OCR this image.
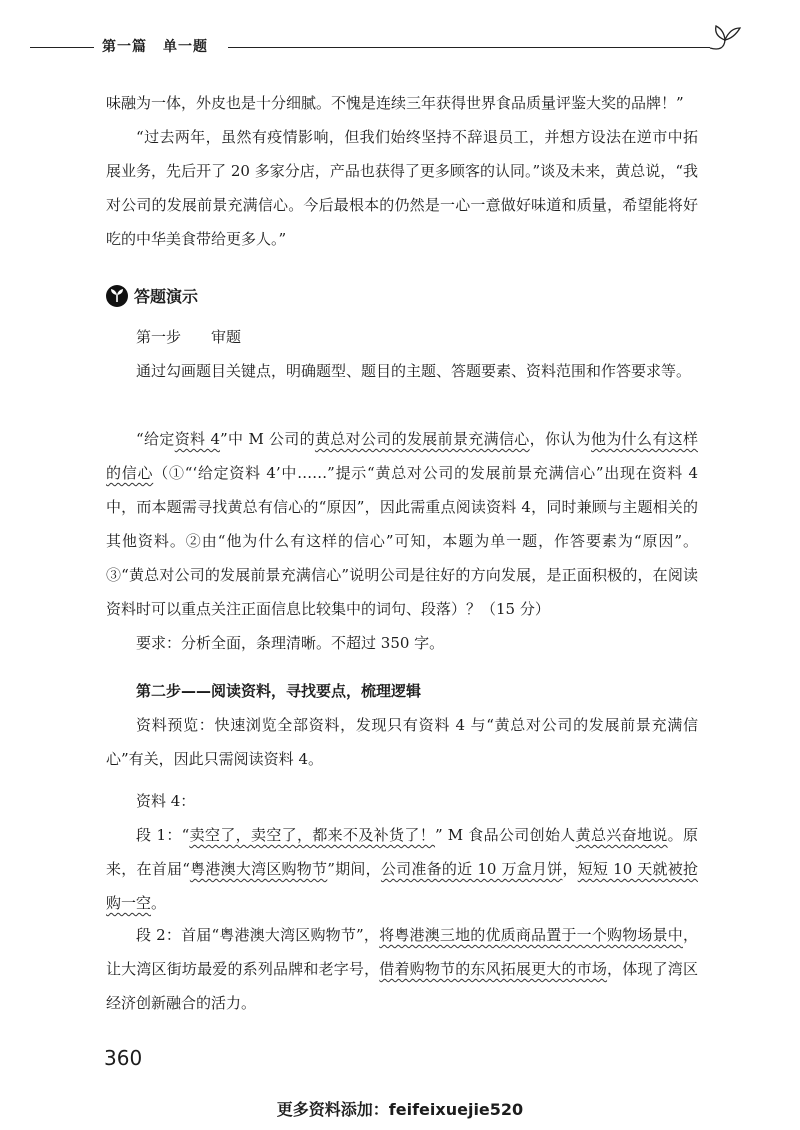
第一篇 单一题

味融为一体，外皮也是十分细腻。不愧是连续三年获得世界食品质量评鉴大奖的品牌！”

“过去两年，虽然有疫情影响，但我们始终坚持不辞退员工，并想方设法在逆市中拓展业务，先后开了 20 多家分店，产品也获得了更多顾客的认同。”谈及未来，黄总说，“我对公司的发展前景充满信心。今后最根本的仍然是一心一意做好味道和质量，希望能将好吃的中华美食带给更多人。”

答题演示
第一步　　审题

通过勾画题目关键点，明确题型、题目的主题、答题要素、资料范围和作答要求等。

“给定资料 4”中 M 公司的黄总对公司的发展前景充满信心，你认为他为什么有这样的信心（①“‘给定资料 4’中……”提示“黄总对公司的发展前景充满信心”出现在资料 4 中，而本题需寻找黄总有信心的“原因”，因此需重点阅读资料 4，同时兼顾与主题相关的其他资料。②由“他为什么有这样的信心”可知，本题为单一题，作答要素为“原因”。③“黄总对公司的发展前景充满信心”说明公司是往好的方向发展，是正面积极的，在阅读资料时可以重点关注正面信息比较集中的词句、段落）？（15 分）

要求：分析全面，条理清晰。不超过 350 字。

第二步——阅读资料，寻找要点，梳理逻辑

资料预览：快速浏览全部资料，发现只有资料 4 与“黄总对公司的发展前景充满信心”有关，因此只需阅读资料 4。

资料 4：

段 1：“卖空了，卖空了，都来不及补货了！” M 食品公司创始人黄总兴奋地说。原来，在首届“粤港澳大湾区购物节”期间，公司准备的近 10 万盒月饼，短短 10 天就被抢购一空。

段 2：首届“粤港澳大湾区购物节”，将粤港澳三地的优质商品置于一个购物场景中，让大湾区街坊最爱的系列品牌和老字号，借着购物节的东风拓展更大的市场，体现了湾区经济创新融合的活力。

360
更多资料添加：feifeixuejie520
